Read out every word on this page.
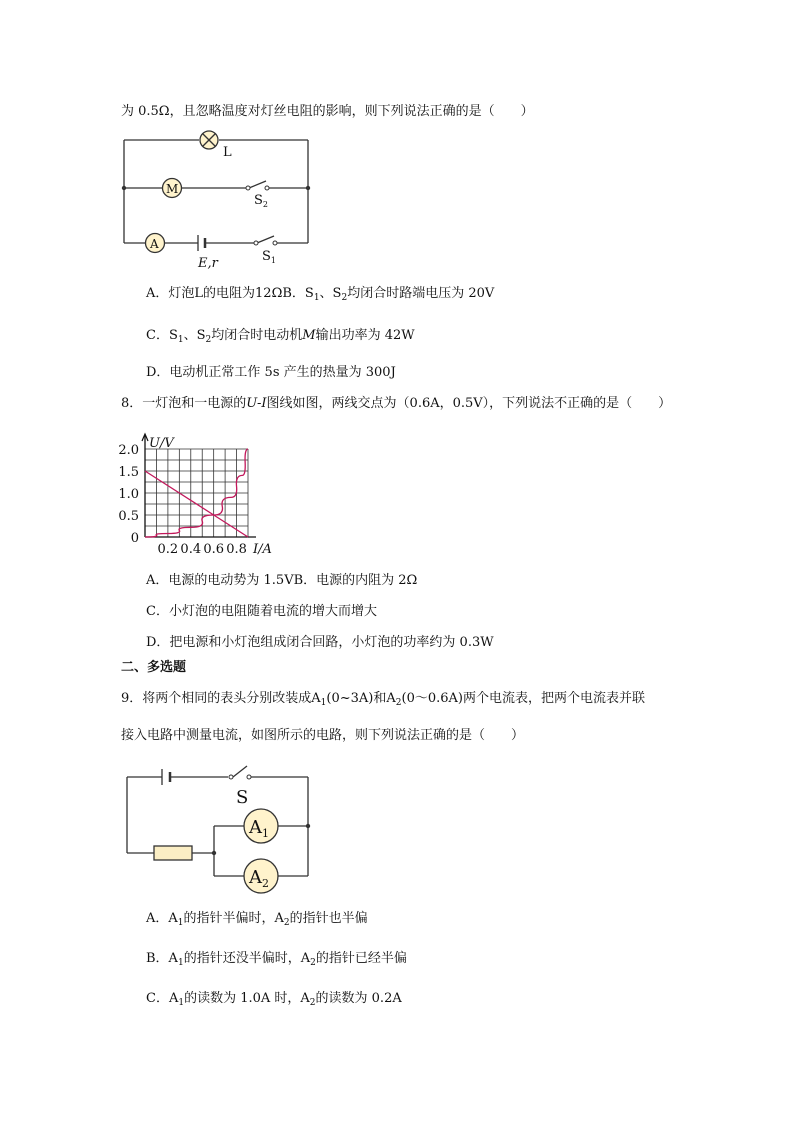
为 0.5Ω，且忽略温度对灯丝电阻的影响，则下列说法正确的是（　　）
L
M
$S_2$
A
E,r	$S_1$
A．灯泡L的电阻为12ΩB．$S_1$、$S_2$均闭合时路端电压为 20V
C．$S_1$、$S_2$均闭合时电动机M输出功率为 42W
D．电动机正常工作 5s 产生的热量为 300J
8．一灯泡和一电源的U-I图线如图，两线交点为（0.6A，0.5V），下列说法不正确的是（　　）
0
0.5
1.0
1.5
2.0
0.2 0.4 0.6 0.8
U/V
I/A
A．电源的电动势为 1.5VB．电源的内阻为 2Ω
C．小灯泡的电阻随着电流的增大而增大
D．把电源和小灯泡组成闭合回路，小灯泡的功率约为 0.3W
二、多选题
9．将两个相同的表头分别改装成$A_1(0\sim 3A)$和$A_2(0\sim 0.6A)$两个电流表，把两个电流表并联
接入电路中测量电流，如图所示的电路，则下列说法正确的是（　　）
S
$A_1$
$A_2$
A．$A_1$的指针半偏时，$A_2$的指针也半偏
B．$A_1$的指针还没半偏时，$A_2$的指针已经半偏
C．$A_1$的读数为 1.0A 时，$A_2$的读数为 0.2A
